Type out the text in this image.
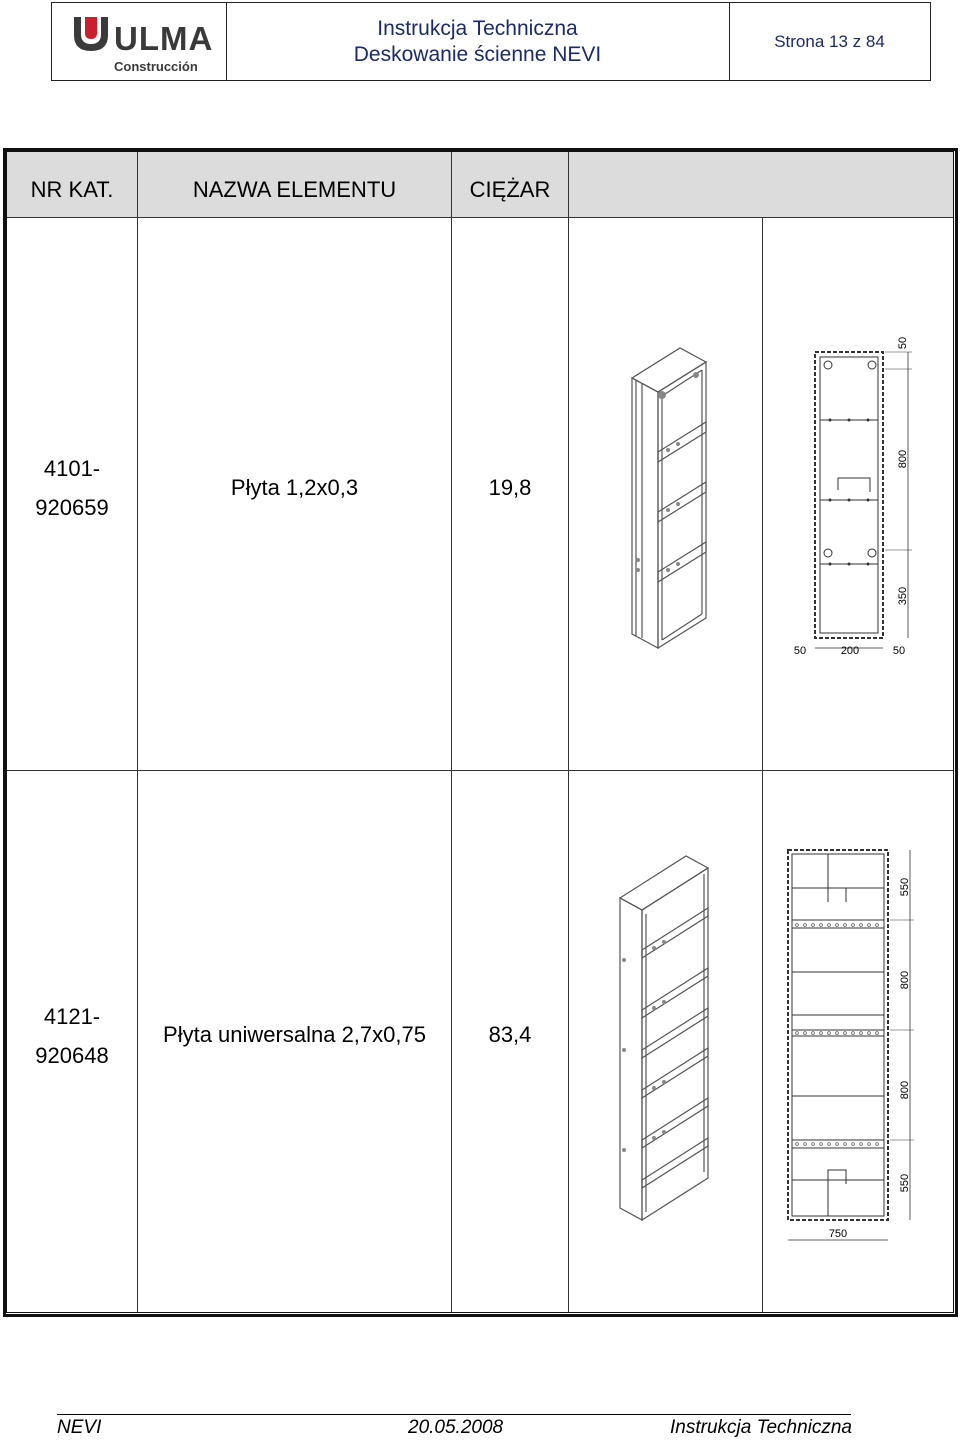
ULMA
Construcción
Instrukcja Techniczna
Deskowanie ścienne NEVI
Strona 13 z 84
NR KAT.	NAZWA ELEMENTU	CIĘŻAR
4101-
920659
Płyta 1,2x0,3	19,8
50
800
350
50	200	50
4121-
920648
Płyta uniwersalna 2,7x0,75	83,4
550
800
800
550
750
NEVI	20.05.2008	Instrukcja Techniczna
